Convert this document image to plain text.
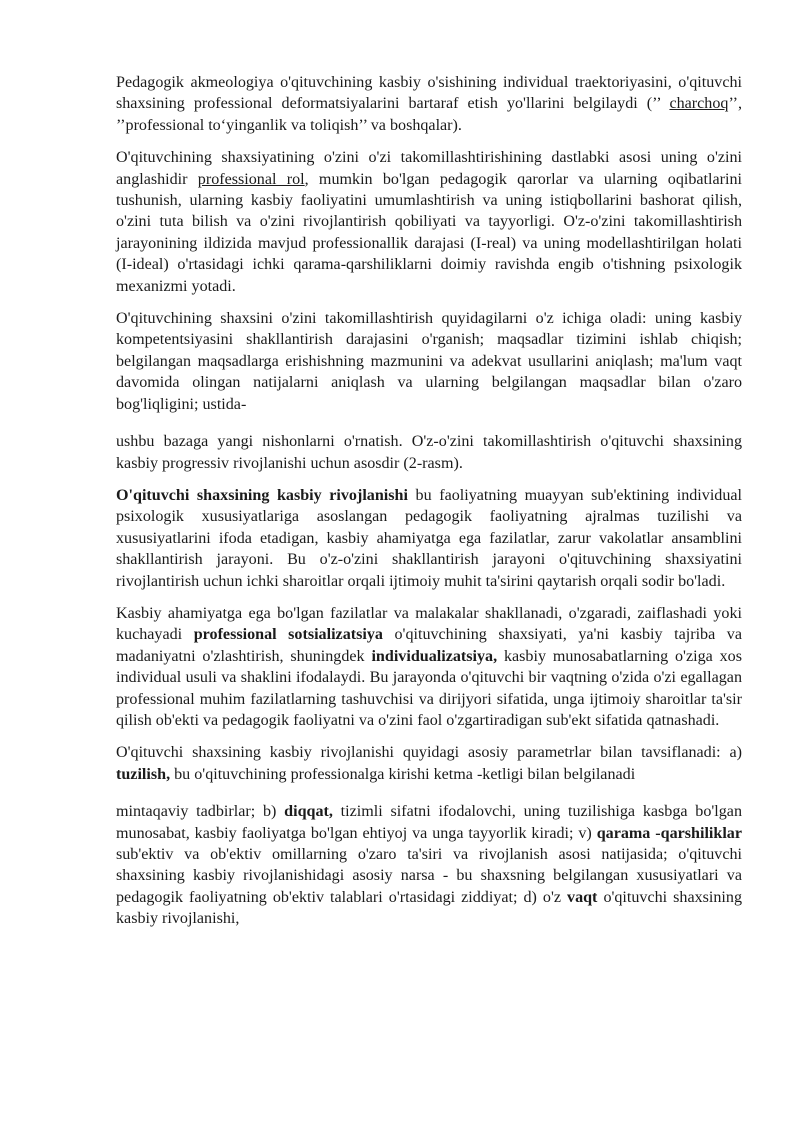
Pedagogik akmeologiya o'qituvchining kasbiy o'sishining individual traektoriyasini, o'qituvchi shaxsining professional deformatsiyalarini bartaraf etish yo'llarini belgilaydi (’’ charchoq’’, ’’professional to‘yinganlik va toliqish’’ va boshqalar).

O'qituvchining shaxsiyatining o'zini o'zi takomillashtirishining dastlabki asosi uning o'zini anglashidir professional rol, mumkin bo'lgan pedagogik qarorlar va ularning oqibatlarini tushunish, ularning kasbiy faoliyatini umumlashtirish va uning istiqbollarini bashorat qilish, o'zini tuta bilish va o'zini rivojlantirish qobiliyati va tayyorligi. O'z-o'zini takomillashtirish jarayonining ildizida mavjud professionallik darajasi (I-real) va uning modellashtirilgan holati (I-ideal) o'rtasidagi ichki qarama-qarshiliklarni doimiy ravishda engib o'tishning psixologik mexanizmi yotadi.

O'qituvchining shaxsini o'zini takomillashtirish quyidagilarni o'z ichiga oladi: uning kasbiy kompetentsiyasini shakllantirish darajasini o'rganish; maqsadlar tizimini ishlab chiqish; belgilangan maqsadlarga erishishning mazmunini va adekvat usullarini aniqlash; ma'lum vaqt davomida olingan natijalarni aniqlash va ularning belgilangan maqsadlar bilan o'zaro bog'liqligini; ustida-

ushbu bazaga yangi nishonlarni o'rnatish. O'z-o'zini takomillashtirish o'qituvchi shaxsining kasbiy progressiv rivojlanishi uchun asosdir (2-rasm).

O'qituvchi shaxsining kasbiy rivojlanishi bu faoliyatning muayyan sub'ektining individual psixologik xususiyatlariga asoslangan pedagogik faoliyatning ajralmas tuzilishi va xususiyatlarini ifoda etadigan, kasbiy ahamiyatga ega fazilatlar, zarur vakolatlar ansamblini shakllantirish jarayoni. Bu o'z-o'zini shakllantirish jarayoni o'qituvchining shaxsiyatini rivojlantirish uchun ichki sharoitlar orqali ijtimoiy muhit ta'sirini qaytarish orqali sodir bo'ladi.

Kasbiy ahamiyatga ega bo'lgan fazilatlar va malakalar shakllanadi, o'zgaradi, zaiflashadi yoki kuchayadi professional sotsializatsiya o'qituvchining shaxsiyati, ya'ni kasbiy tajriba va madaniyatni o'zlashtirish, shuningdek individualizatsiya, kasbiy munosabatlarning o'ziga xos individual usuli va shaklini ifodalaydi. Bu jarayonda o'qituvchi bir vaqtning o'zida o'zi egallagan professional muhim fazilatlarning tashuvchisi va dirijyori sifatida, unga ijtimoiy sharoitlar ta'sir qilish ob'ekti va pedagogik faoliyatni va o'zini faol o'zgartiradigan sub'ekt sifatida qatnashadi.

O'qituvchi shaxsining kasbiy rivojlanishi quyidagi asosiy parametrlar bilan tavsiflanadi: a) tuzilish, bu o'qituvchining professionalga kirishi ketma -ketligi bilan belgilanadi

mintaqaviy tadbirlar; b) diqqat, tizimli sifatni ifodalovchi, uning tuzilishiga kasbga bo'lgan munosabat, kasbiy faoliyatga bo'lgan ehtiyoj va unga tayyorlik kiradi; v) qarama -qarshiliklar sub'ektiv va ob'ektiv omillarning o'zaro ta'siri va rivojlanish asosi natijasida; o'qituvchi shaxsining kasbiy rivojlanishidagi asosiy narsa - bu shaxsning belgilangan xususiyatlari va pedagogik faoliyatning ob'ektiv talablari o'rtasidagi ziddiyat; d) o'z vaqt o'qituvchi shaxsining kasbiy rivojlanishi,
